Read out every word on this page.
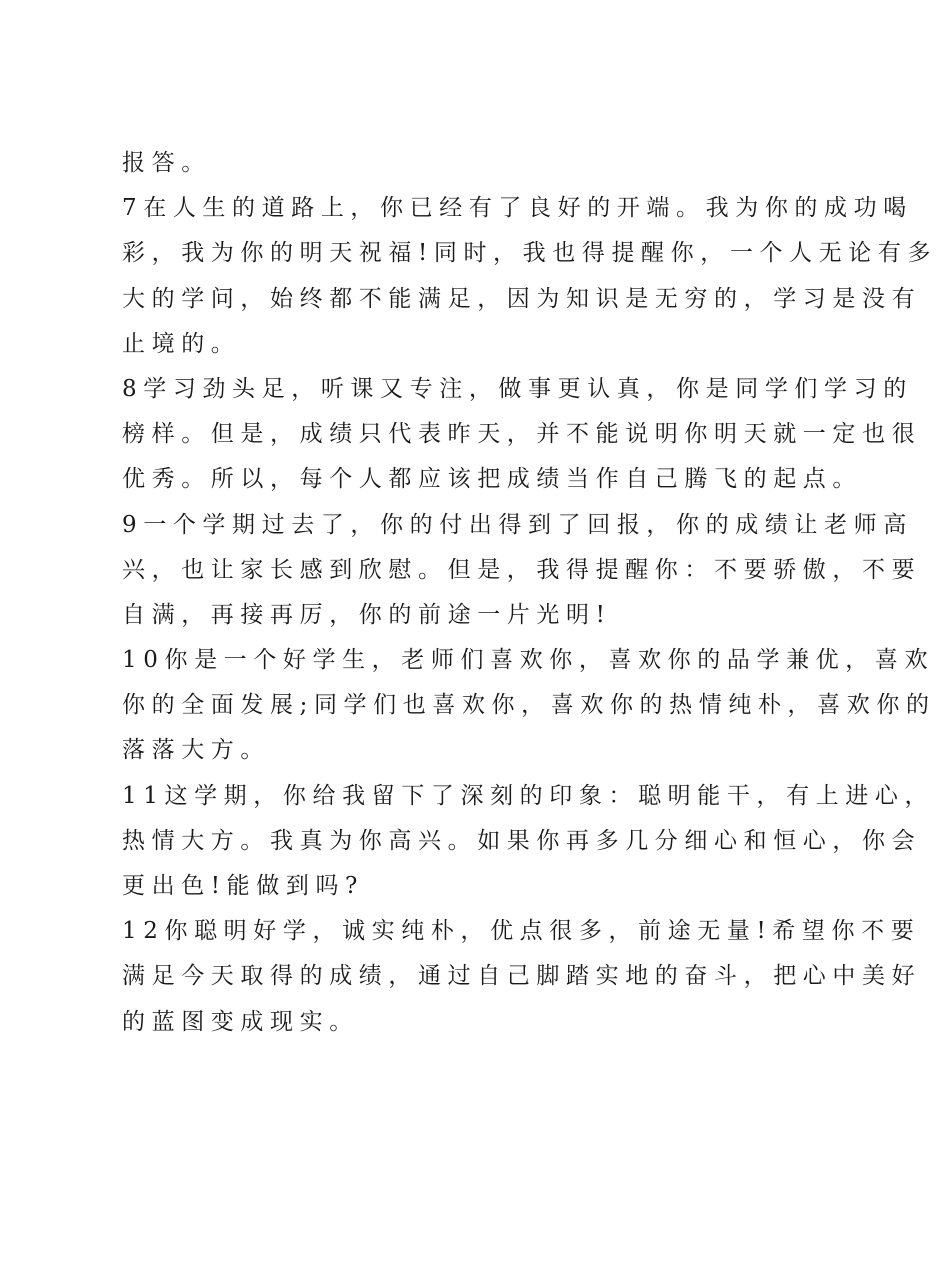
报答。
7在人生的道路上，你已经有了良好的开端。我为你的成功喝
彩，我为你的明天祝福!同时，我也得提醒你，一个人无论有多
大的学问，始终都不能满足，因为知识是无穷的，学习是没有
止境的。
8学习劲头足，听课又专注，做事更认真，你是同学们学习的
榜样。但是，成绩只代表昨天，并不能说明你明天就一定也很
优秀。所以，每个人都应该把成绩当作自己腾飞的起点。
9一个学期过去了，你的付出得到了回报，你的成绩让老师高
兴，也让家长感到欣慰。但是，我得提醒你：不要骄傲，不要
自满，再接再厉，你的前途一片光明!
10你是一个好学生，老师们喜欢你，喜欢你的品学兼优，喜欢
你的全面发展;同学们也喜欢你，喜欢你的热情纯朴，喜欢你的
落落大方。
11这学期，你给我留下了深刻的印象：聪明能干，有上进心，
热情大方。我真为你高兴。如果你再多几分细心和恒心，你会
更出色!能做到吗?
12你聪明好学，诚实纯朴，优点很多，前途无量!希望你不要
满足今天取得的成绩，通过自己脚踏实地的奋斗，把心中美好
的蓝图变成现实。
